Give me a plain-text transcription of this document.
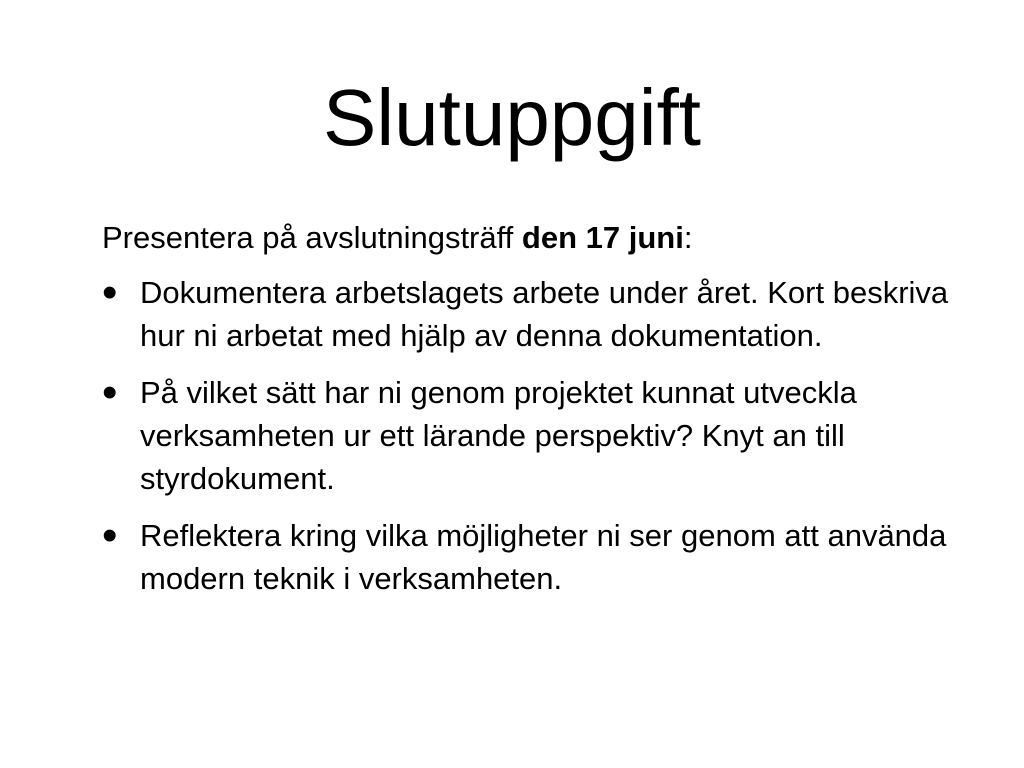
Slutuppgift

Presentera på avslutningsträff den 17 juni:

• Dokumentera arbetslagets arbete under året. Kort beskriva hur ni arbetat med hjälp av denna dokumentation.
• På vilket sätt har ni genom projektet kunnat utveckla verksamheten ur ett lärande perspektiv? Knyt an till styrdokument.
• Reflektera kring vilka möjligheter ni ser genom att använda modern teknik i verksamheten.
